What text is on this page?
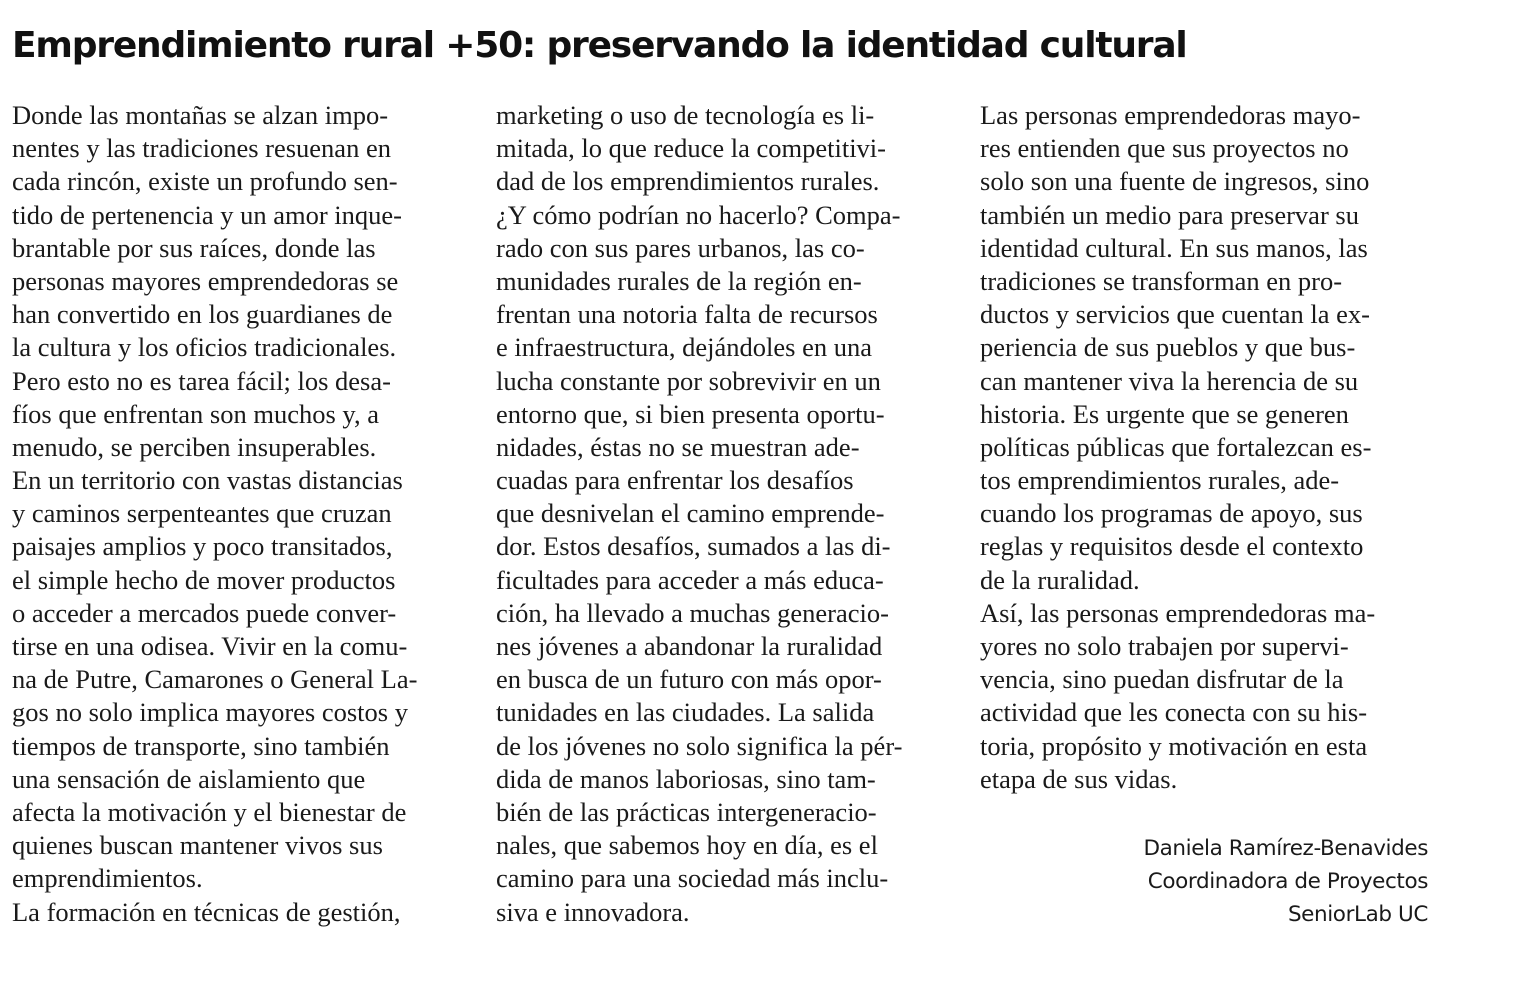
Emprendimiento rural +50: preservando la identidad cultural
Donde las montañas se alzan impo-
nentes y las tradiciones resuenan en
cada rincón, existe un profundo sen-
tido de pertenencia y un amor inque-
brantable por sus raíces, donde las
personas mayores emprendedoras se
han convertido en los guardianes de
la cultura y los oficios tradicionales.
Pero esto no es tarea fácil; los desa-
fíos que enfrentan son muchos y, a
menudo, se perciben insuperables.
En un territorio con vastas distancias
y caminos serpenteantes que cruzan
paisajes amplios y poco transitados,
el simple hecho de mover productos
o acceder a mercados puede conver-
tirse en una odisea. Vivir en la comu-
na de Putre, Camarones o General La-
gos no solo implica mayores costos y
tiempos de transporte, sino también
una sensación de aislamiento que
afecta la motivación y el bienestar de
quienes buscan mantener vivos sus
emprendimientos.
La formación en técnicas de gestión,
marketing o uso de tecnología es li-
mitada, lo que reduce la competitivi-
dad de los emprendimientos rurales.
¿Y cómo podrían no hacerlo? Compa-
rado con sus pares urbanos, las co-
munidades rurales de la región en-
frentan una notoria falta de recursos
e infraestructura, dejándoles en una
lucha constante por sobrevivir en un
entorno que, si bien presenta oportu-
nidades, éstas no se muestran ade-
cuadas para enfrentar los desafíos
que desnivelan el camino emprende-
dor. Estos desafíos, sumados a las di-
ficultades para acceder a más educa-
ción, ha llevado a muchas generacio-
nes jóvenes a abandonar la ruralidad
en busca de un futuro con más opor-
tunidades en las ciudades. La salida
de los jóvenes no solo significa la pér-
dida de manos laboriosas, sino tam-
bién de las prácticas intergeneracio-
nales, que sabemos hoy en día, es el
camino para una sociedad más inclu-
siva e innovadora.
Las personas emprendedoras mayo-
res entienden que sus proyectos no
solo son una fuente de ingresos, sino
también un medio para preservar su
identidad cultural. En sus manos, las
tradiciones se transforman en pro-
ductos y servicios que cuentan la ex-
periencia de sus pueblos y que bus-
can mantener viva la herencia de su
historia. Es urgente que se generen
políticas públicas que fortalezcan es-
tos emprendimientos rurales, ade-
cuando los programas de apoyo, sus
reglas y requisitos desde el contexto
de la ruralidad.
Así, las personas emprendedoras ma-
yores no solo trabajen por supervi-
vencia, sino puedan disfrutar de la
actividad que les conecta con su his-
toria, propósito y motivación en esta
etapa de sus vidas.
Daniela Ramírez-Benavides
Coordinadora de Proyectos
SeniorLab UC
